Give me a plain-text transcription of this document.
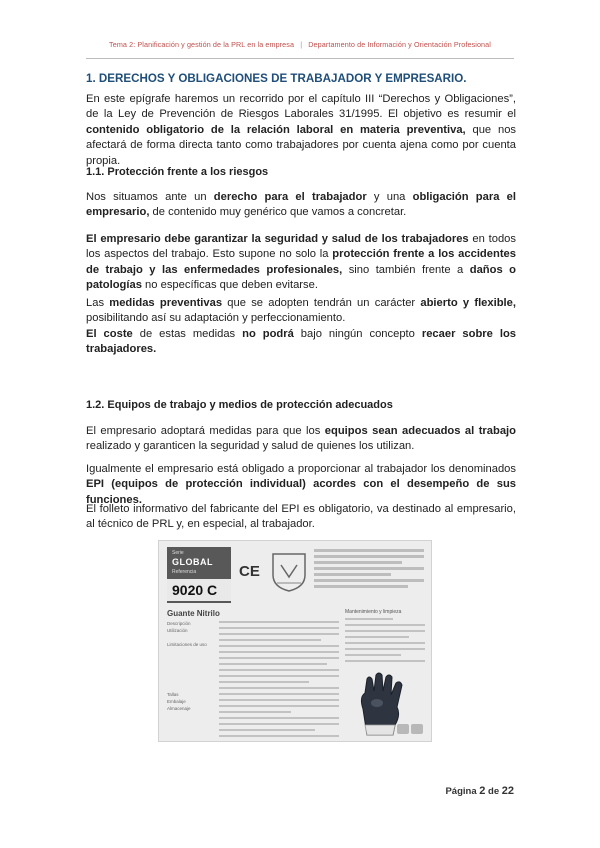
Tema 2: Planificación y gestión de la PRL en la empresa | Departamento de Información y Orientación Profesional
1. DERECHOS Y OBLIGACIONES DE TRABAJADOR Y EMPRESARIO.

En este epígrafe haremos un recorrido por el capítulo III “Derechos y Obligaciones”, de la Ley de Prevención de Riesgos Laborales 31/1995. El objetivo es resumir el contenido obligatorio de la relación laboral en materia preventiva, que nos afectará de forma directa tanto como trabajadores por cuenta ajena como por cuenta propia.

1.1. Protección frente a los riesgos

Nos situamos ante un derecho para el trabajador y una obligación para el empresario, de contenido muy genérico que vamos a concretar.

El empresario debe garantizar la seguridad y salud de los trabajadores en todos los aspectos del trabajo. Esto supone no solo la protección frente a los accidentes de trabajo y las enfermedades profesionales, sino también frente a daños o patologías no específicas que deben evitarse.

Las medidas preventivas que se adopten tendrán un carácter abierto y flexible, posibilitando así su adaptación y perfeccionamiento.

El coste de estas medidas no podrá bajo ningún concepto recaer sobre los trabajadores.

1.2. Equipos de trabajo y medios de protección adecuados

El empresario adoptará medidas para que los equipos sean adecuados al trabajo realizado y garanticen la seguridad y salud de quienes los utilizan.

Igualmente el empresario está obligado a proporcionar al trabajador los denominados EPI (equipos de protección individual) acordes con el desempeño de sus funciones.

El folleto informativo del fabricante del EPI es obligatorio, va destinado al empresario, al técnico de PRL y, en especial, al trabajador.

Serie
GLOBAL
Referencia
9020 C
CE
Guante Nitrilo
Descripción
Utilización
Limitaciones de uso
Tallas
Embalaje
Almacenaje
Mantenimiento y limpieza
Página 2 de 22
